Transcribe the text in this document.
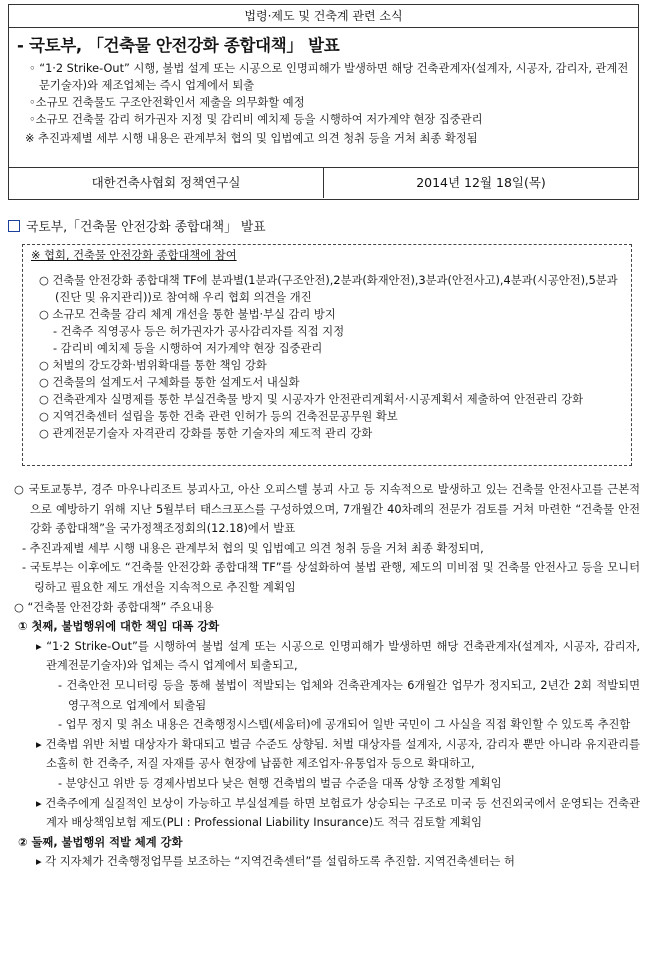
법령·제도 및 건축계 관련 소식
- 국토부, 「건축물 안전강화 종합대책」 발표
◦ “1·2 Strike-Out” 시행, 불법 설계 또는 시공으로 인명피해가 발생하면 해당 건축관계자(설계자, 시공자, 감리자, 관계전문기술자)와 제조업체는 즉시 업계에서 퇴출
◦소규모 건축물도 구조안전확인서 제출을 의무화할 예정
◦소규모 건축물 감리 허가권자 지정 및 감리비 예치제 등을 시행하여 저가계약 현장 집중관리
※ 추진과제별 세부 시행 내용은 관계부처 협의 및 입법예고 의견 청취 등을 거쳐 최종 확정됨
대한건축사협회 정책연구실	2014년 12월 18일(목)
국토부,「건축물 안전강화 종합대책」 발표
※ 협회, 건축물 안전강화 종합대책에 참여
○ 건축물 안전강화 종합대책 TF에 분과별(1분과(구조안전),2분과(화재안전),3분과(안전사고),4분과(시공안전),5분과(진단 및 유지관리))로 참여해 우리 협회 의견을 개진
○ 소규모 건축물 감리 체계 개선을 통한 불법·부실 감리 방지
- 건축주 직영공사 등은 허가권자가 공사감리자를 직접 지정
- 감리비 예치제 등을 시행하여 저가계약 현장 집중관리
○ 처벌의 강도강화·범위확대를 통한 책임 강화
○ 건축물의 설계도서 구체화를 통한 설계도서 내실화
○ 건축관계자 실명제를 통한 부실건축물 방지 및 시공자가 안전관리계획서·시공계획서 제출하여 안전관리 강화
○ 지역건축센터 설립을 통한 건축 관련 인허가 등의 건축전문공무원 확보
○ 관계전문기술자 자격관리 강화를 통한 기술자의 제도적 관리 강화
○ 국토교통부, 경주 마우나리조트 붕괴사고, 아산 오피스텔 붕괴 사고 등 지속적으로 발생하고 있는 건축물 안전사고를 근본적으로 예방하기 위해 지난 5월부터 태스크포스를 구성하였으며, 7개월간 40차례의 전문가 검토를 거쳐 마련한 “건축물 안전강화 종합대책”을 국가정책조정회의(12.18)에서 발표
- 추진과제별 세부 시행 내용은 관계부처 협의 및 입법예고 의견 청취 등을 거쳐 최종 확정되며,
- 국토부는 이후에도 “건축물 안전강화 종합대책 TF”를 상설화하여 불법 관행, 제도의 미비점 및 건축물 안전사고 등을 모니터링하고 필요한 제도 개선을 지속적으로 추진할 계획임
○ “건축물 안전강화 종합대책” 주요내용
① 첫째, 불법행위에 대한 책임 대폭 강화
▸ “1·2 Strike-Out”를 시행하여 불법 설계 또는 시공으로 인명피해가 발생하면 해당 건축관계자(설계자, 시공자, 감리자, 관계전문기술자)와 업체는 즉시 업계에서 퇴출되고,
- 건축안전 모니터링 등을 통해 불법이 적발되는 업체와 건축관계자는 6개월간 업무가 정지되고, 2년간 2회 적발되면 영구적으로 업계에서 퇴출됨
- 업무 정지 및 취소 내용은 건축행정시스템(세움터)에 공개되어 일반 국민이 그 사실을 직접 확인할 수 있도록 추진함
▸ 건축법 위반 처벌 대상자가 확대되고 벌금 수준도 상향됨. 처벌 대상자를 설계자, 시공자, 감리자 뿐만 아니라 유지관리를 소홀히 한 건축주, 저질 자재를 공사 현장에 납품한 제조업자·유통업자 등으로 확대하고,
- 분양신고 위반 등 경제사범보다 낮은 현행 건축법의 벌금 수준을 대폭 상향 조정할 계획임
▸ 건축주에게 실질적인 보상이 가능하고 부실설계를 하면 보험료가 상승되는 구조로 미국 등 선진외국에서 운영되는 건축관계자 배상책임보험 제도(PLI : Professional Liability Insurance)도 적극 검토할 계획임
② 둘째, 불법행위 적발 체계 강화
▸ 각 지자체가 건축행정업무를 보조하는 “지역건축센터”를 설립하도록 추진함. 지역건축센터는 허
